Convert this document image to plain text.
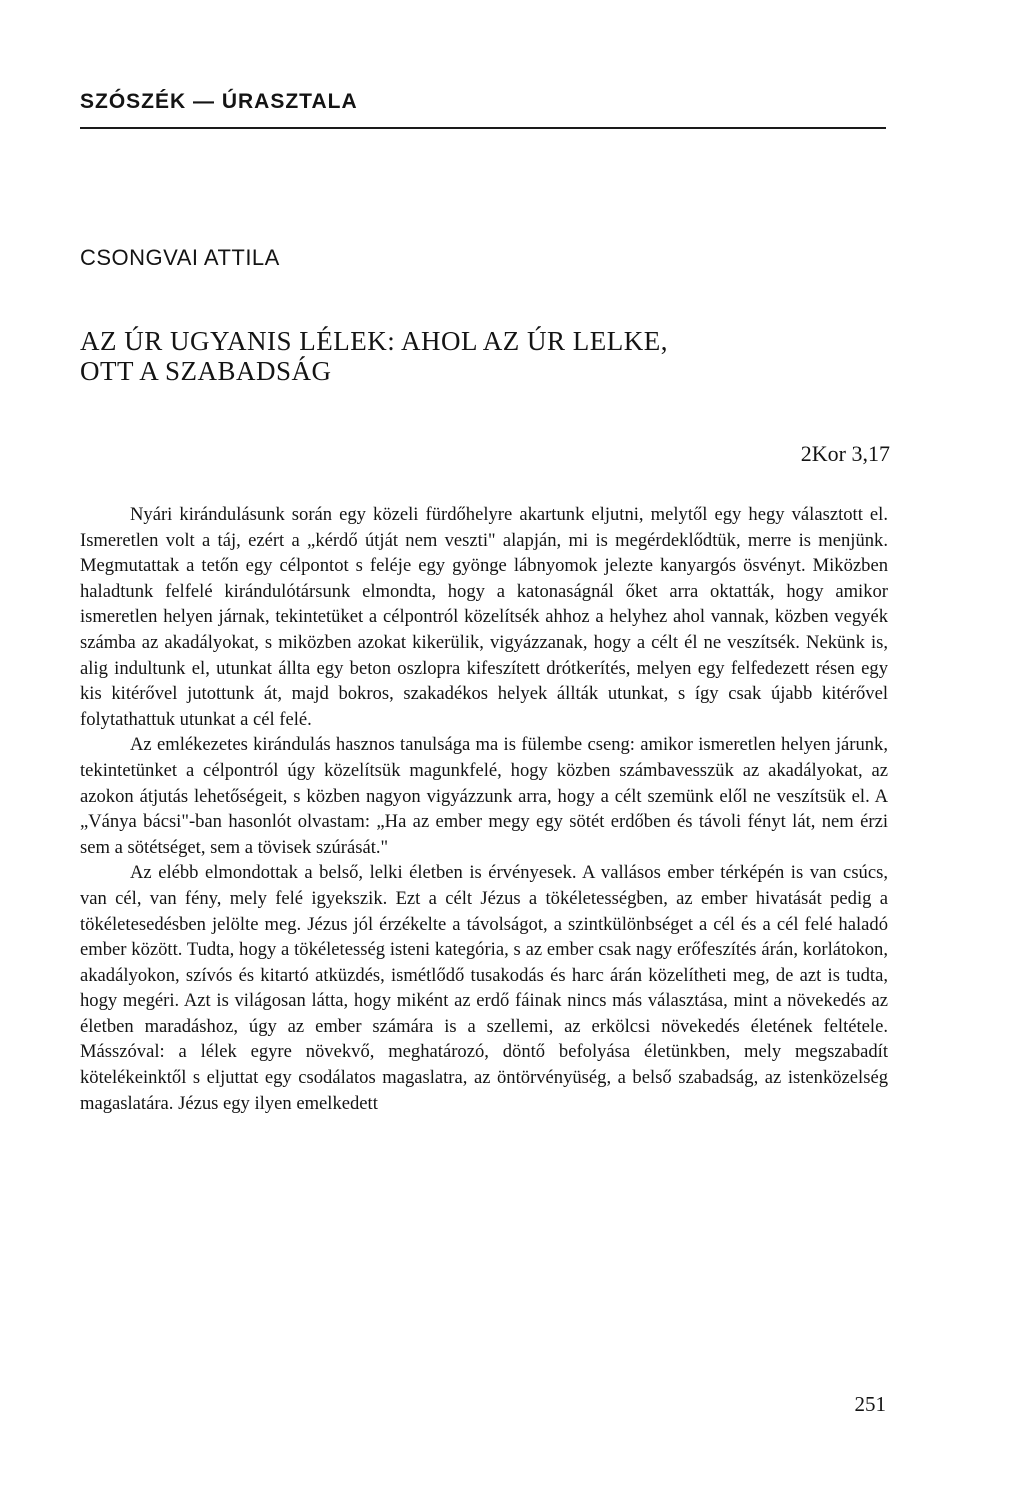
SZÓSZÉK — ÚRASZTALA
CSONGVAI ATTILA
AZ ÚR UGYANIS LÉLEK: AHOL AZ ÚR LELKE,
OTT A SZABADSÁG
2Kor 3,17

Nyári kirándulásunk során egy közeli fürdőhelyre akartunk eljutni, melytől egy hegy választott el. Ismeretlen volt a táj, ezért a „kérdő útját nem veszti" alapján, mi is megérdeklődtük, merre is menjünk. Megmutattak a tetőn egy célpontot s feléje egy gyönge lábnyomok jelezte kanyargós ösvényt. Miközben haladtunk felfelé kirándulótársunk elmondta, hogy a katonaságnál őket arra oktatták, hogy amikor ismeretlen helyen járnak, tekintetüket a célpontról közelítsék ahhoz a helyhez ahol vannak, közben vegyék számba az akadályokat, s miközben azokat kikerülik, vigyázzanak, hogy a célt él ne veszítsék. Nekünk is, alig indultunk el, utunkat állta egy beton oszlopra kifeszített drótkerítés, melyen egy felfedezett résen egy kis kitérővel jutottunk át, majd bokros, szakadékos helyek állták utunkat, s így csak újabb kitérővel folytathattuk utunkat a cél felé.

Az emlékezetes kirándulás hasznos tanulsága ma is fülembe cseng: amikor ismeretlen helyen járunk, tekintetünket a célpontról úgy közelítsük magunkfelé, hogy közben számbavesszük az akadályokat, az azokon átjutás lehetőségeit, s közben nagyon vigyázzunk arra, hogy a célt szemünk elől ne veszítsük el. A „Ványa bácsi"-ban hasonlót olvastam: „Ha az ember megy egy sötét erdőben és távoli fényt lát, nem érzi sem a sötétséget, sem a tövisek szúrását."

Az elébb elmondottak a belső, lelki életben is érvényesek. A vallásos ember térképén is van csúcs, van cél, van fény, mely felé igyekszik. Ezt a célt Jézus a tökéletességben, az ember hivatását pedig a tökéletesedésben jelölte meg. Jézus jól érzékelte a távolságot, a szintkülönbséget a cél és a cél felé haladó ember között. Tudta, hogy a tökéletesség isteni kategória, s az ember csak nagy erőfeszítés árán, korlátokon, akadályokon, szívós és kitartó atküzdés, ismétlődő tusakodás és harc árán közelítheti meg, de azt is tudta, hogy megéri. Azt is világosan látta, hogy miként az erdő fáinak nincs más választása, mint a növekedés az életben maradáshoz, úgy az ember számára is a szellemi, az erkölcsi növekedés életének feltétele. Másszóval: a lélek egyre növekvő, meghatározó, döntő befolyása életünkben, mely megszabadít kötelékeinktől s eljuttat egy csodálatos magaslatra, az öntörvényüség, a belső szabadság, az istenközelség magaslatára. Jézus egy ilyen emelkedett

251
